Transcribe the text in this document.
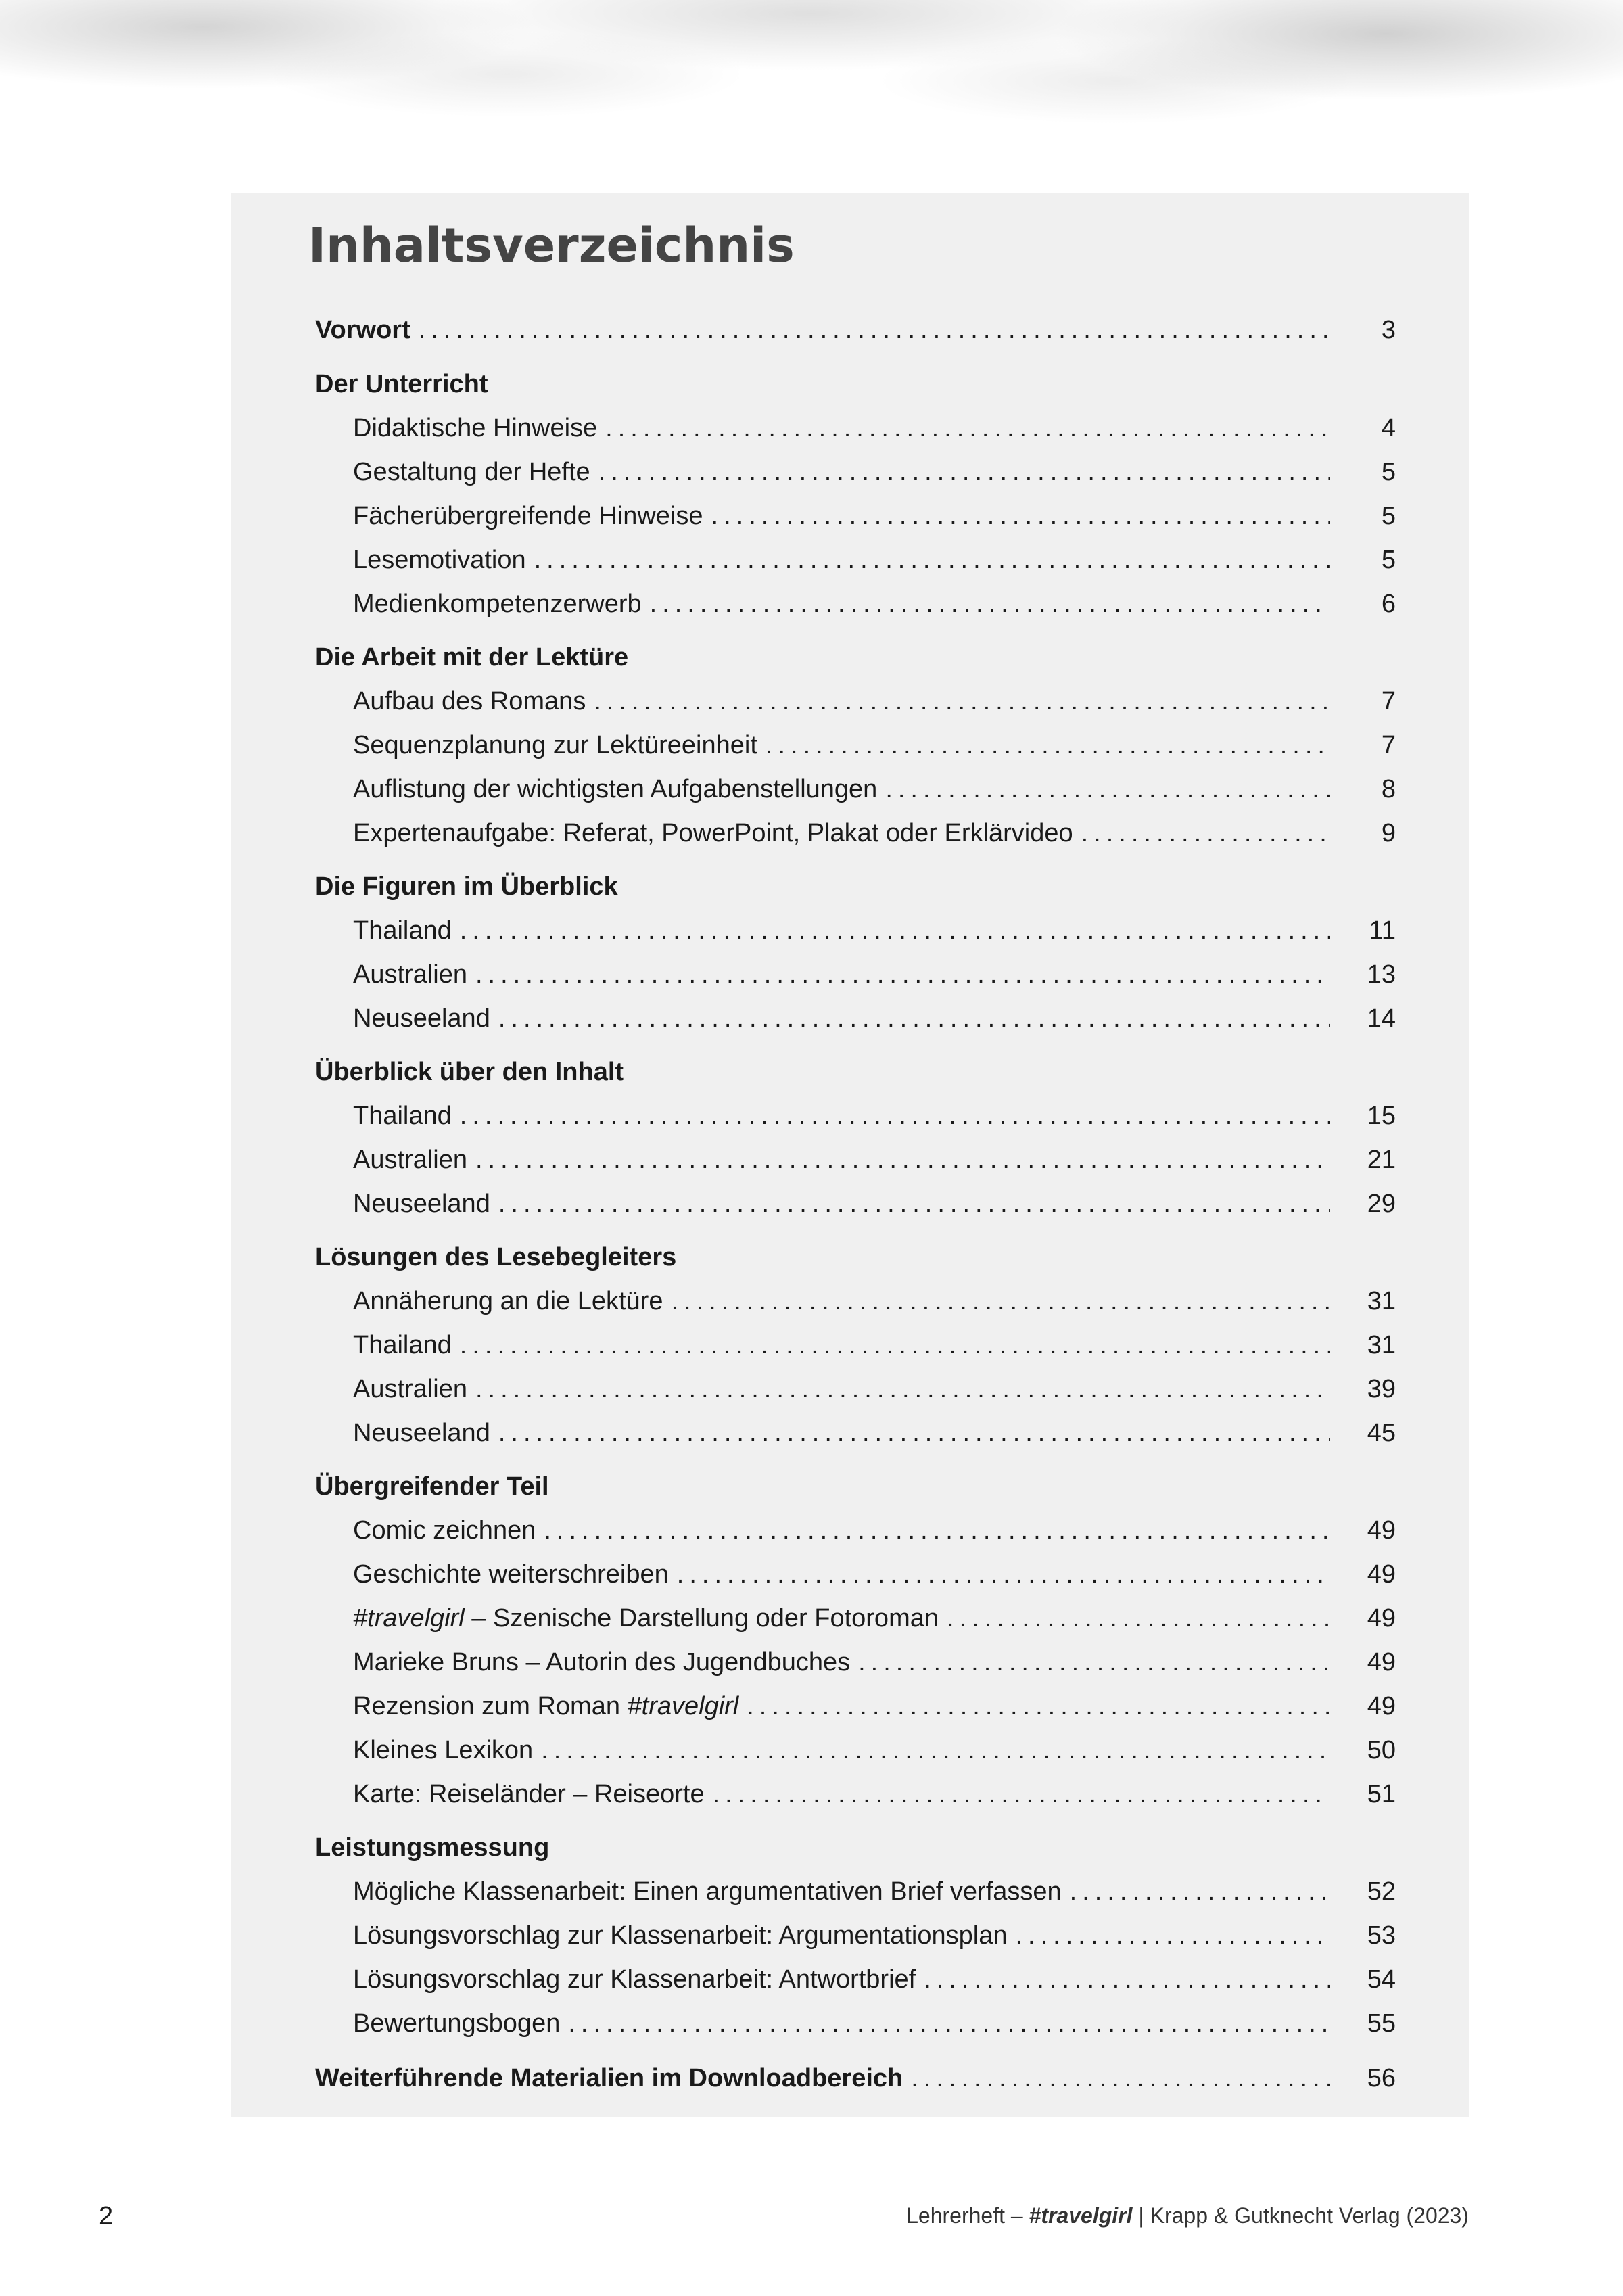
Inhaltsverzeichnis
Vorwort .....	3
Der Unterricht
Didaktische Hinweise .....	4
Gestaltung der Hefte .....	5
Fächerübergreifende Hinweise .....	5
Lesemotivation .....	5
Medienkompetenzerwerb .....	6
Die Arbeit mit der Lektüre
Aufbau des Romans .....	7
Sequenzplanung zur Lektüreeinheit .....	7
Auflistung der wichtigsten Aufgabenstellungen .....	8
Expertenaufgabe: Referat, PowerPoint, Plakat oder Erklärvideo .....	9
Die Figuren im Überblick
Thailand .....	11
Australien .....	13
Neuseeland .....	14
Überblick über den Inhalt
Thailand .....	15
Australien .....	21
Neuseeland .....	29
Lösungen des Lesebegleiters
Annäherung an die Lektüre .....	31
Thailand .....	31
Australien .....	39
Neuseeland .....	45
Übergreifender Teil
Comic zeichnen .....	49
Geschichte weiterschreiben .....	49
#travelgirl – Szenische Darstellung oder Fotoroman .....	49
Marieke Bruns – Autorin des Jugendbuches .....	49
Rezension zum Roman #travelgirl .....	49
Kleines Lexikon .....	50
Karte: Reiseländer – Reiseorte .....	51
Leistungsmessung
Mögliche Klassenarbeit: Einen argumentativen Brief verfassen .....	52
Lösungsvorschlag zur Klassenarbeit: Argumentationsplan .....	53
Lösungsvorschlag zur Klassenarbeit: Antwortbrief .....	54
Bewertungsbogen .....	55
Weiterführende Materialien im Downloadbereich .....	56
2	Lehrerheft – #travelgirl | Krapp & Gutknecht Verlag (2023)
